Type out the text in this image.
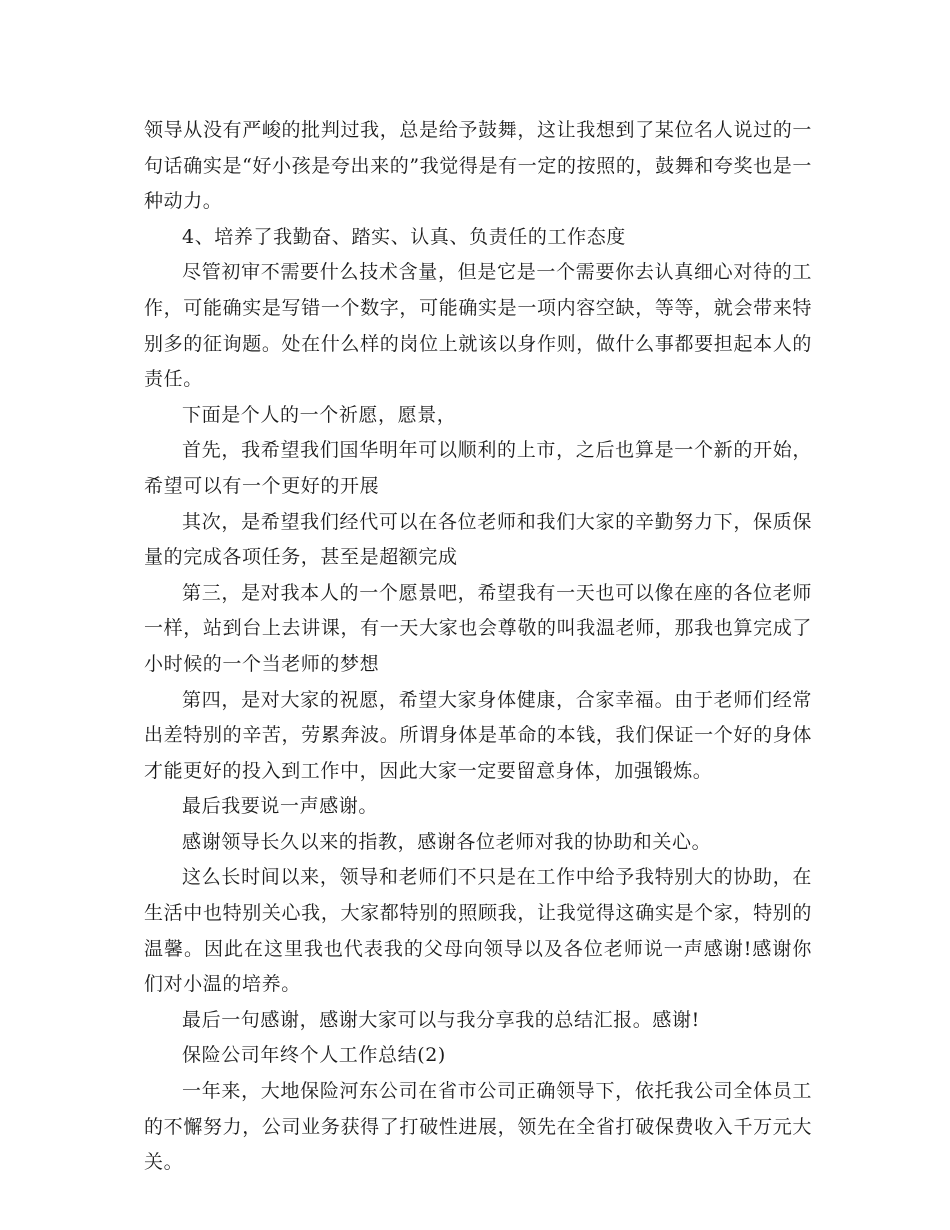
领导从没有严峻的批判过我，总是给予鼓舞，这让我想到了某位名人说过的一句话确实是“好小孩是夸出来的”我觉得是有一定的按照的，鼓舞和夸奖也是一种动力。

4、培养了我勤奋、踏实、认真、负责任的工作态度

尽管初审不需要什么技术含量，但是它是一个需要你去认真细心对待的工作，可能确实是写错一个数字，可能确实是一项内容空缺，等等，就会带来特别多的征询题。处在什么样的岗位上就该以身作则，做什么事都要担起本人的责任。

下面是个人的一个祈愿，愿景，

首先，我希望我们国华明年可以顺利的上市，之后也算是一个新的开始，希望可以有一个更好的开展

其次，是希望我们经代可以在各位老师和我们大家的辛勤努力下，保质保量的完成各项任务，甚至是超额完成

第三，是对我本人的一个愿景吧，希望我有一天也可以像在座的各位老师一样，站到台上去讲课，有一天大家也会尊敬的叫我温老师，那我也算完成了小时候的一个当老师的梦想

第四，是对大家的祝愿，希望大家身体健康，合家幸福。由于老师们经常出差特别的辛苦，劳累奔波。所谓身体是革命的本钱，我们保证一个好的身体才能更好的投入到工作中，因此大家一定要留意身体，加强锻炼。

最后我要说一声感谢。

感谢领导长久以来的指教，感谢各位老师对我的协助和关心。

这么长时间以来，领导和老师们不只是在工作中给予我特别大的协助，在生活中也特别关心我，大家都特别的照顾我，让我觉得这确实是个家，特别的温馨。因此在这里我也代表我的父母向领导以及各位老师说一声感谢!感谢你们对小温的培养。

最后一句感谢，感谢大家可以与我分享我的总结汇报。感谢!

保险公司年终个人工作总结(2)

一年来，大地保险河东公司在省市公司正确领导下，依托我公司全体员工的不懈努力，公司业务获得了打破性进展，领先在全省打破保费收入千万元大关。
